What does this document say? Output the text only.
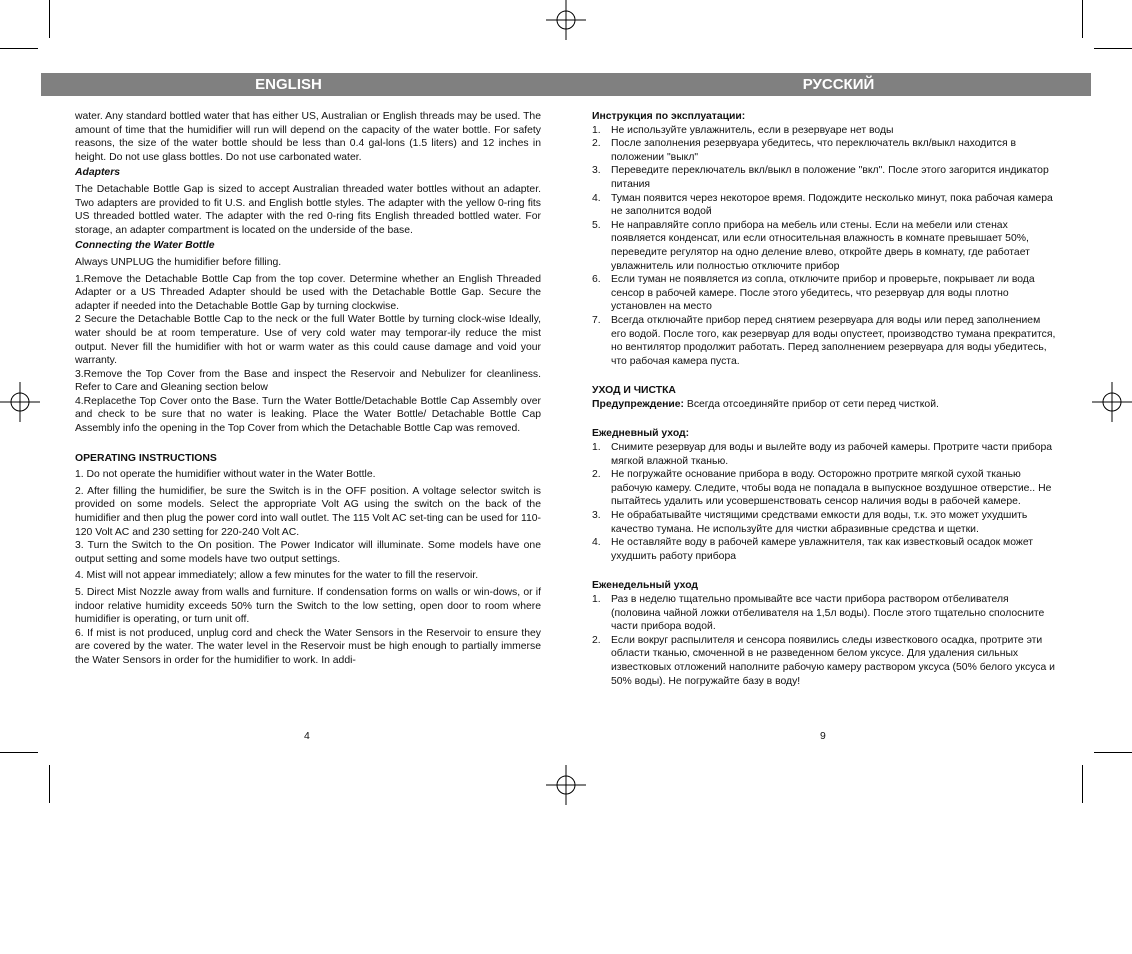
ENGLISH	РУССКИЙ

water. Any standard bottled water that has either US, Australian or English threads may be used. The amount of time that the humidifier will run will depend on the capacity of the water bottle. For safety reasons, the size of the water bottle should be less than 0.4 gal-lons (1.5 liters) and 12 inches in height. Do not use glass bottles. Do not use carbonated water.

Adapters

The Detachable Bottle Gap is sized to accept Australian threaded water bottles without an adapter. Two adapters are provided to fit U.S. and English bottle styles. The adapter with the yellow 0-ring fits US threaded bottled water. The adapter with the red 0-ring fits English threaded bottled water. For storage, an adapter compartment is located on the underside of the base.

Connecting the Water Bottle

Always UNPLUG the humidifier before filling.

1.Remove the Detachable Bottle Cap from the top cover. Determine whether an English Threaded Adapter or a US Threaded Adapter should be used with the Detachable Bottle Gap. Secure the adapter if needed into the Detachable Bottle Gap by turning clockwise.

2 Secure the Detachable Bottle Cap to the neck or the full Water Bottle by turning clock-wise Ideally, water should be at room temperature. Use of very cold water may temporar-ily reduce the mist output. Never fill the humidifier with hot or warm water as this could cause damage and void your warranty.

3.Remove the Top Cover from the Base and inspect the Reservoir and Nebulizer for cleanliness. Refer to Care and Gleaning section below

4.Replacethe Top Cover onto the Base. Turn the Water Bottle/Detachable Bottle Cap Assembly over and check to be sure that no water is leaking. Place the Water Bottle/ Detachable Bottle Cap Assembly info the opening in the Top Cover from which the Detachable Bottle Cap was removed.

OPERATING INSTRUCTIONS

1. Do not operate the humidifier without water in the Water Bottle.

2. After filling the humidifier, be sure the Switch is in the OFF position. A voltage selector switch is provided on some models. Select the appropriate Volt AG using the switch on the back of the humidifier and then plug the power cord into wall outlet. The 115 Volt AC set-ting can be used for 110-120 Volt AC and 230 setting for 220-240 Volt AC.

3. Turn the Switch to the On position. The Power Indicator will illuminate. Some models have one output setting and some models have two output settings.

4. Mist will not appear immediately; allow a few minutes for the water to fill the reservoir.

5. Direct Mist Nozzle away from walls and furniture. If condensation forms on walls or win-dows, or if indoor relative humidity exceeds 50% turn the Switch to the low setting, open door to room where humidifier is operating, or turn unit off.

6. If mist is not produced, unplug cord and check the Water Sensors in the Reservoir to ensure they are covered by the water. The water level in the Reservoir must be high enough to partially immerse the Water Sensors in order for the humidifier to work. In addi-

4

Инструкция по эксплуатации:

1. Не используйте увлажнитель, если в резервуаре нет воды
2. После заполнения резервуара убедитесь, что переключатель вкл/выкл находится в положении "выкл"
3. Переведите переключатель вкл/выкл в положение "вкл". После этого загорится индикатор питания
4. Туман появится через некоторое время. Подождите несколько минут, пока рабочая камера не заполнится водой
5. Не направляйте сопло прибора на мебель или стены. Если на мебели или стенах появляется конденсат, или если относительная влажность в комнате превышает 50%, переведите регулятор на одно деление влево, откройте дверь в комнату, где работает увлажнитель или полностью отключите прибор
6. Если туман не появляется из сопла, отключите прибор и проверьте, покрывает ли вода сенсор в рабочей камере. После этого убедитесь, что резервуар для воды плотно установлен на место
7. Всегда отключайте прибор перед снятием резервуара для воды или перед заполнением его водой. После того, как резервуар для воды опустеет, производство тумана прекратится, но вентилятор продолжит работать. Перед заполнением резервуара для воды убедитесь, что рабочая камера пуста.

УХОД И ЧИСТКА

Предупреждение: Всегда отсоединяйте прибор от сети перед чисткой.

Ежедневный уход:

1. Снимите резервуар для воды и вылейте воду из рабочей камеры. Протрите части прибора мягкой влажной тканью.
2. Не погружайте основание прибора в воду. Осторожно протрите мягкой сухой тканью рабочую камеру. Следите, чтобы вода не попадала в выпускное воздушное отверстие.. Не пытайтесь удалить или усовершенствовать сенсор наличия воды в рабочей камере.
3. Не обрабатывайте чистящими средствами емкости для воды, т.к. это может ухудшить качество тумана. Не используйте для чистки абразивные средства и щетки.
4. Не оставляйте воду в рабочей камере увлажнителя, так как известковый осадок может ухудшить работу прибора

Еженедельный уход

1. Раз в неделю тщательно промывайте все части прибора раствором отбеливателя (половина чайной ложки отбеливателя на 1,5л воды). После этого тщательно сполосните части прибора водой.
2. Если вокруг распылителя и сенсора появились следы известкового осадка, протрите эти области тканью, смоченной в не разведенном белом уксусе. Для удаления сильных известковых отложений наполните рабочую камеру раствором уксуса (50% белого уксуса и 50% воды). Не погружайте базу в воду!
9
